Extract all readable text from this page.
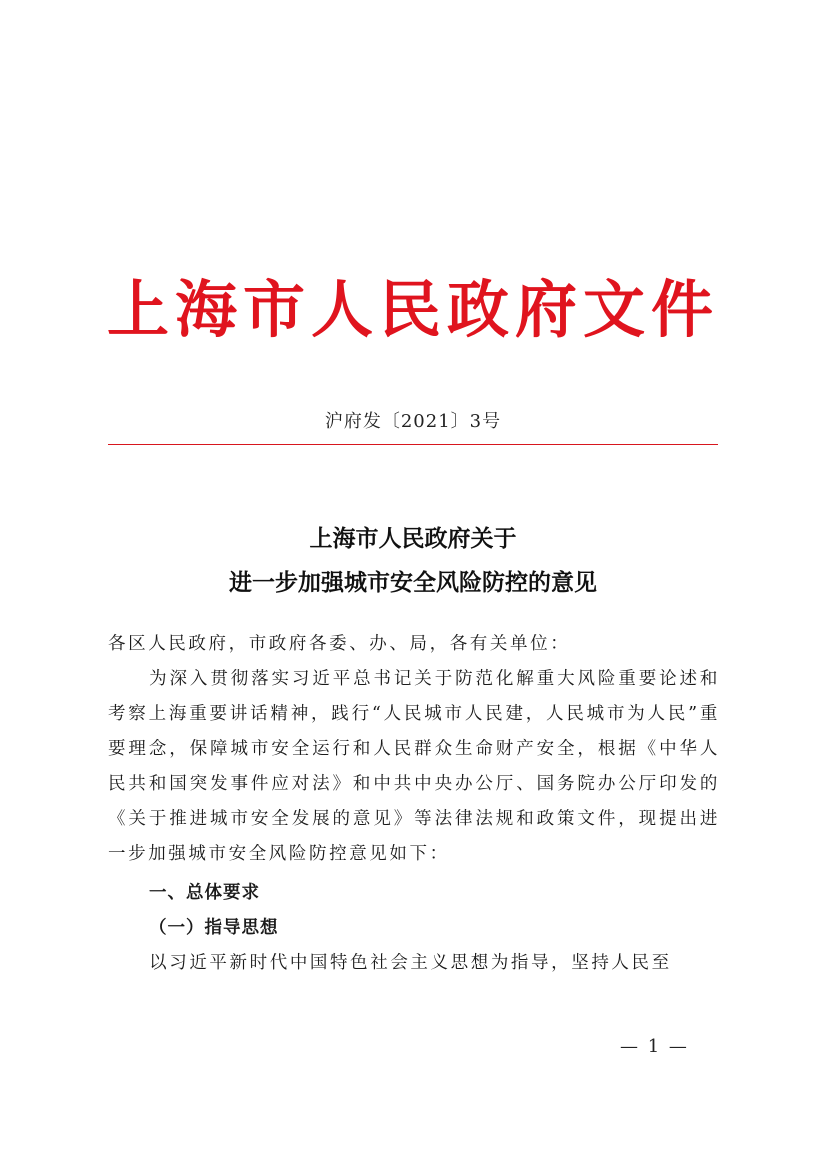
上海市人民政府文件
沪府发〔2021〕3号
上海市人民政府关于
进一步加强城市安全风险防控的意见

各区人民政府，市政府各委、办、局，各有关单位：

为深入贯彻落实习近平总书记关于防范化解重大风险重要论述和考察上海重要讲话精神，践行“人民城市人民建，人民城市为人民”重要理念，保障城市安全运行和人民群众生命财产安全，根据《中华人民共和国突发事件应对法》和中共中央办公厅、国务院办公厅印发的《关于推进城市安全发展的意见》等法律法规和政策文件，现提出进一步加强城市安全风险防控意见如下：

一、总体要求

（一）指导思想

以习近平新时代中国特色社会主义思想为指导，坚持人民至

— 1 —
